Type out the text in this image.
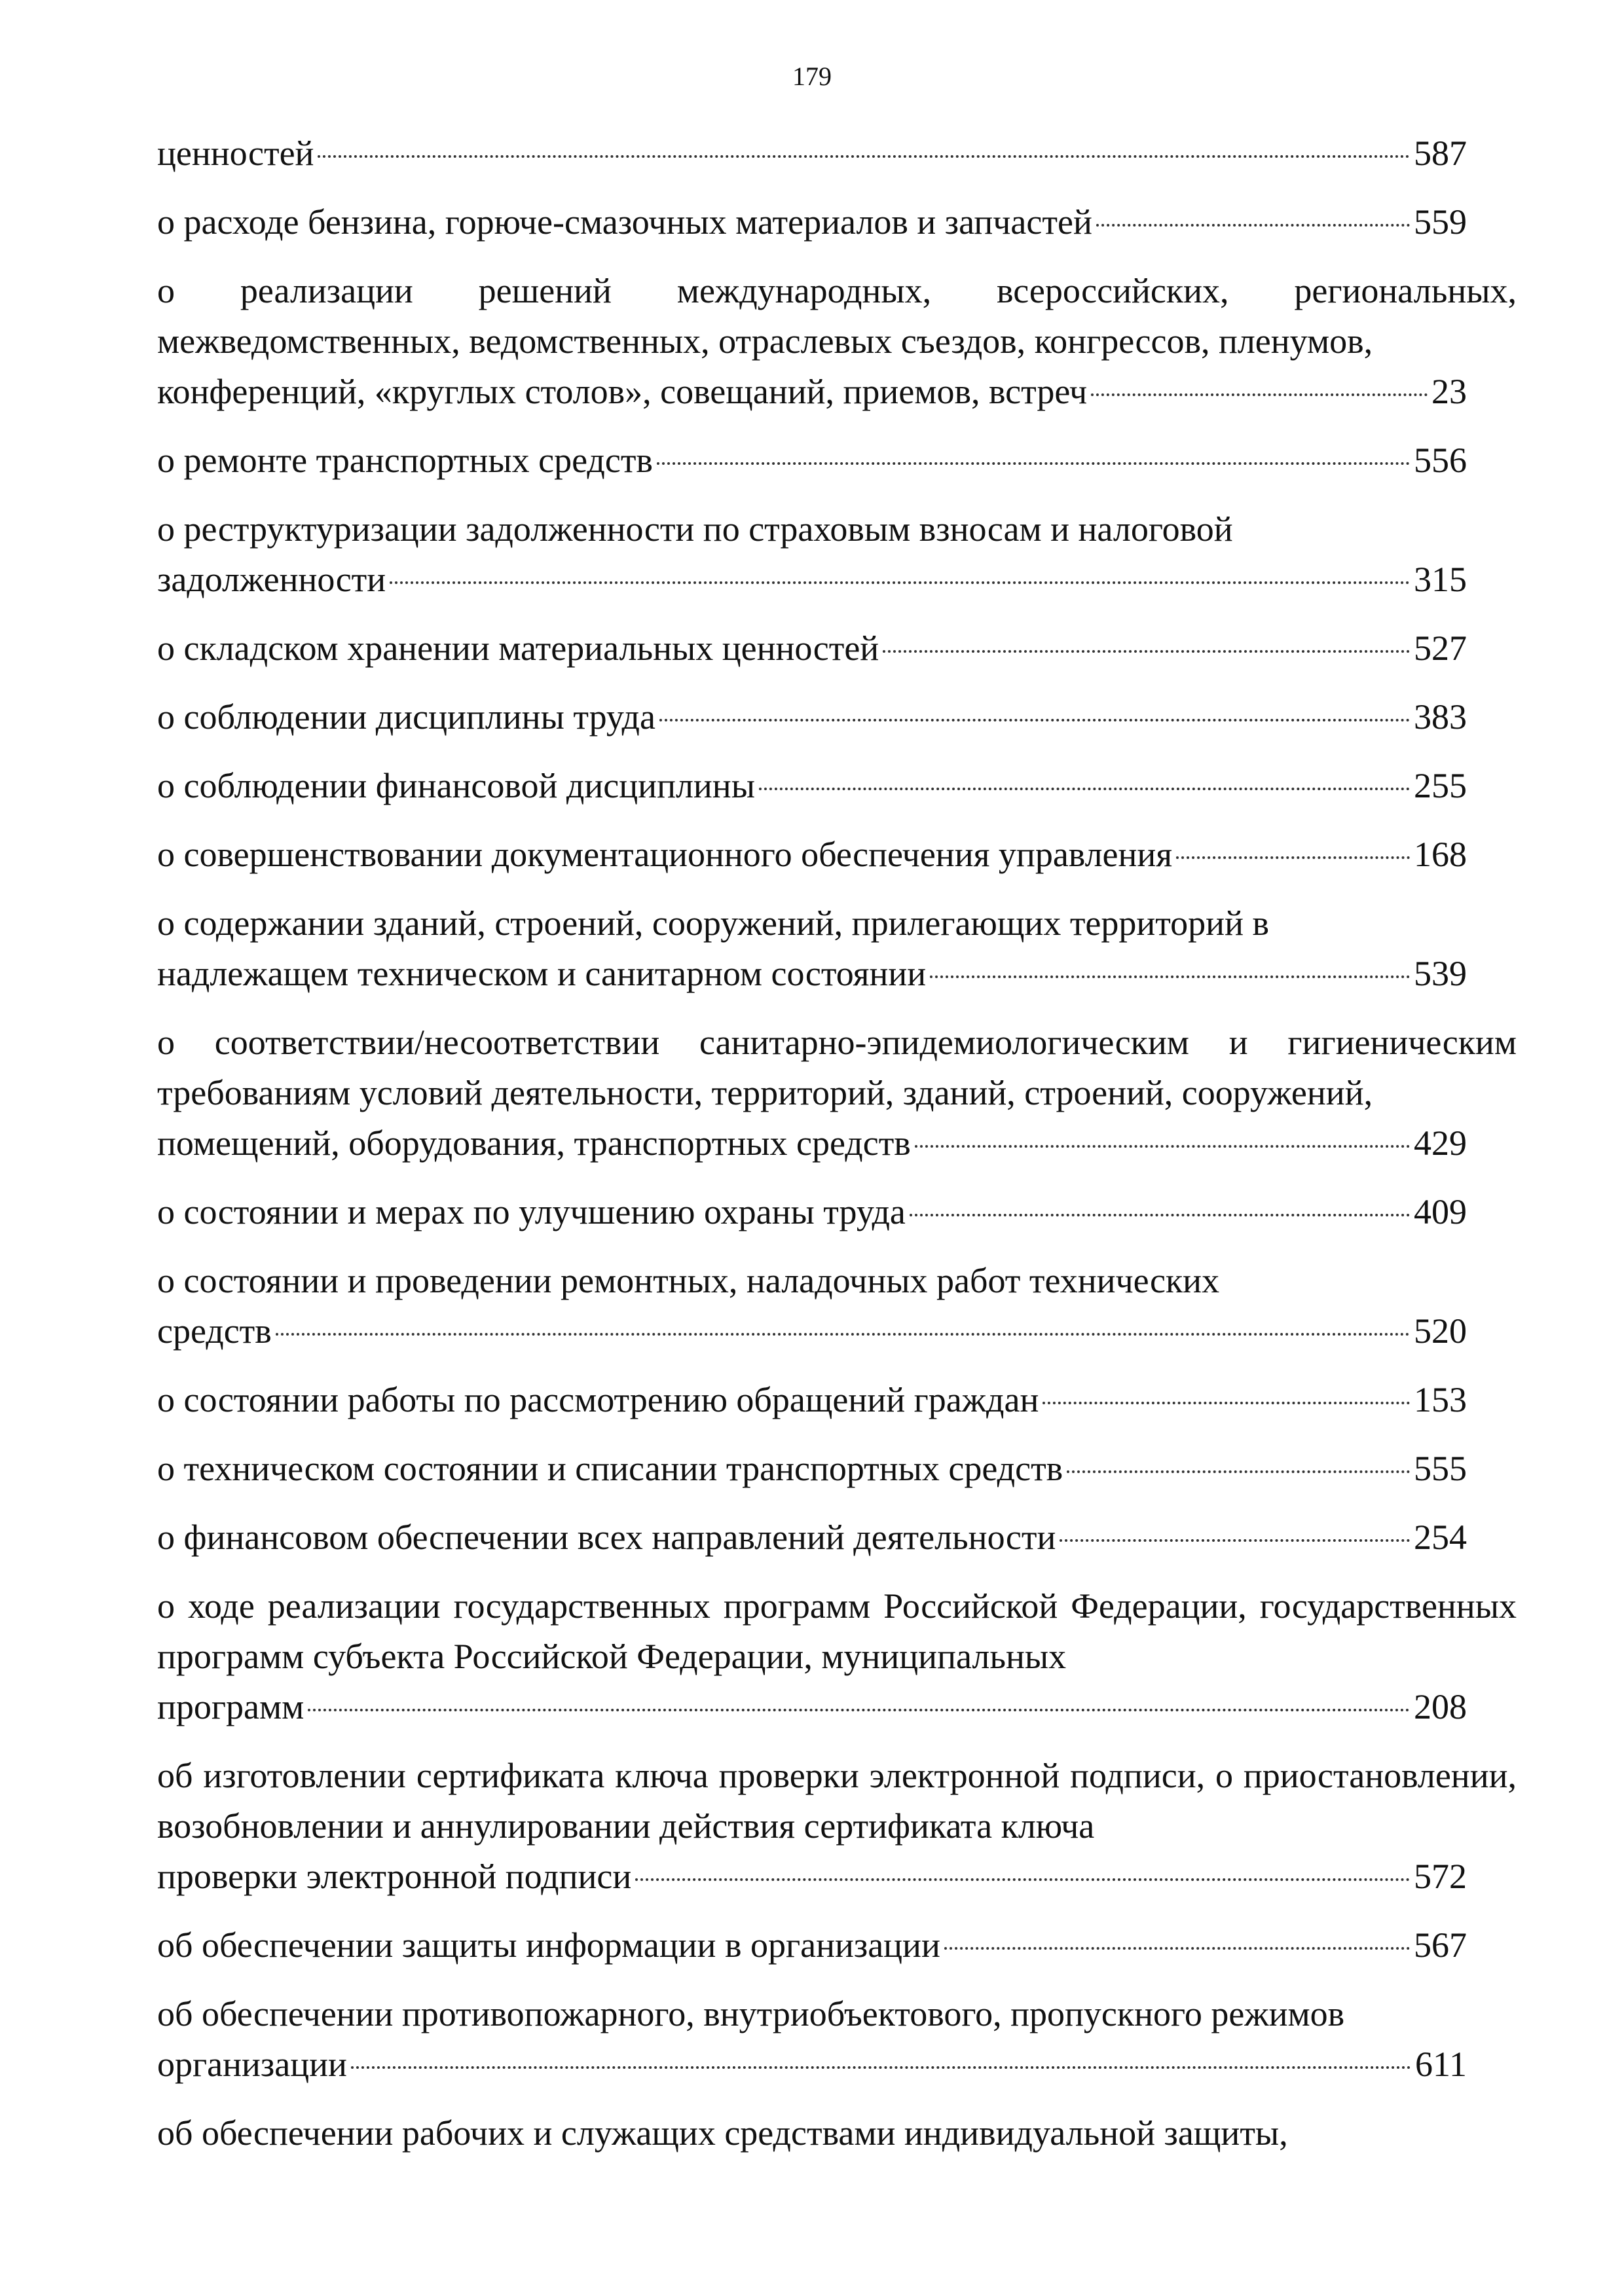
179
ценностей	587
о расходе бензина, горюче-смазочных материалов и запчастей	559
о реализации решений международных, всероссийских, региональных, межведомственных, ведомственных, отраслевых съездов, конгрессов, пленумов,
конференций, «круглых столов», совещаний, приемов, встреч	23
о ремонте транспортных средств	556
о реструктуризации задолженности по страховым взносам и налоговой
задолженности	315
о складском хранении материальных ценностей	527
о соблюдении дисциплины труда	383
о соблюдении финансовой дисциплины	255
о совершенствовании документационного обеспечения управления	168
о содержании зданий, строений, сооружений, прилегающих территорий в
надлежащем техническом и санитарном состоянии	539
о соответствии/несоответствии санитарно-эпидемиологическим и гигиеническим требованиям условий деятельности, территорий, зданий, строений, сооружений,
помещений, оборудования, транспортных средств	429
о состоянии и мерах по улучшению охраны труда	409
о состоянии и проведении ремонтных, наладочных работ технических
средств	520
о состоянии работы по рассмотрению обращений граждан	153
о техническом состоянии и списании транспортных средств	555
о финансовом обеспечении всех направлений деятельности	254
о ходе реализации государственных программ Российской Федерации, государственных программ субъекта Российской Федерации, муниципальных
программ	208
об изготовлении сертификата ключа проверки электронной подписи, о приостановлении, возобновлении и аннулировании действия сертификата ключа
проверки электронной подписи	572
об обеспечении защиты информации в организации	567
об обеспечении противопожарного, внутриобъектового, пропускного режимов
организации	611
об обеспечении рабочих и служащих средствами индивидуальной защиты,
